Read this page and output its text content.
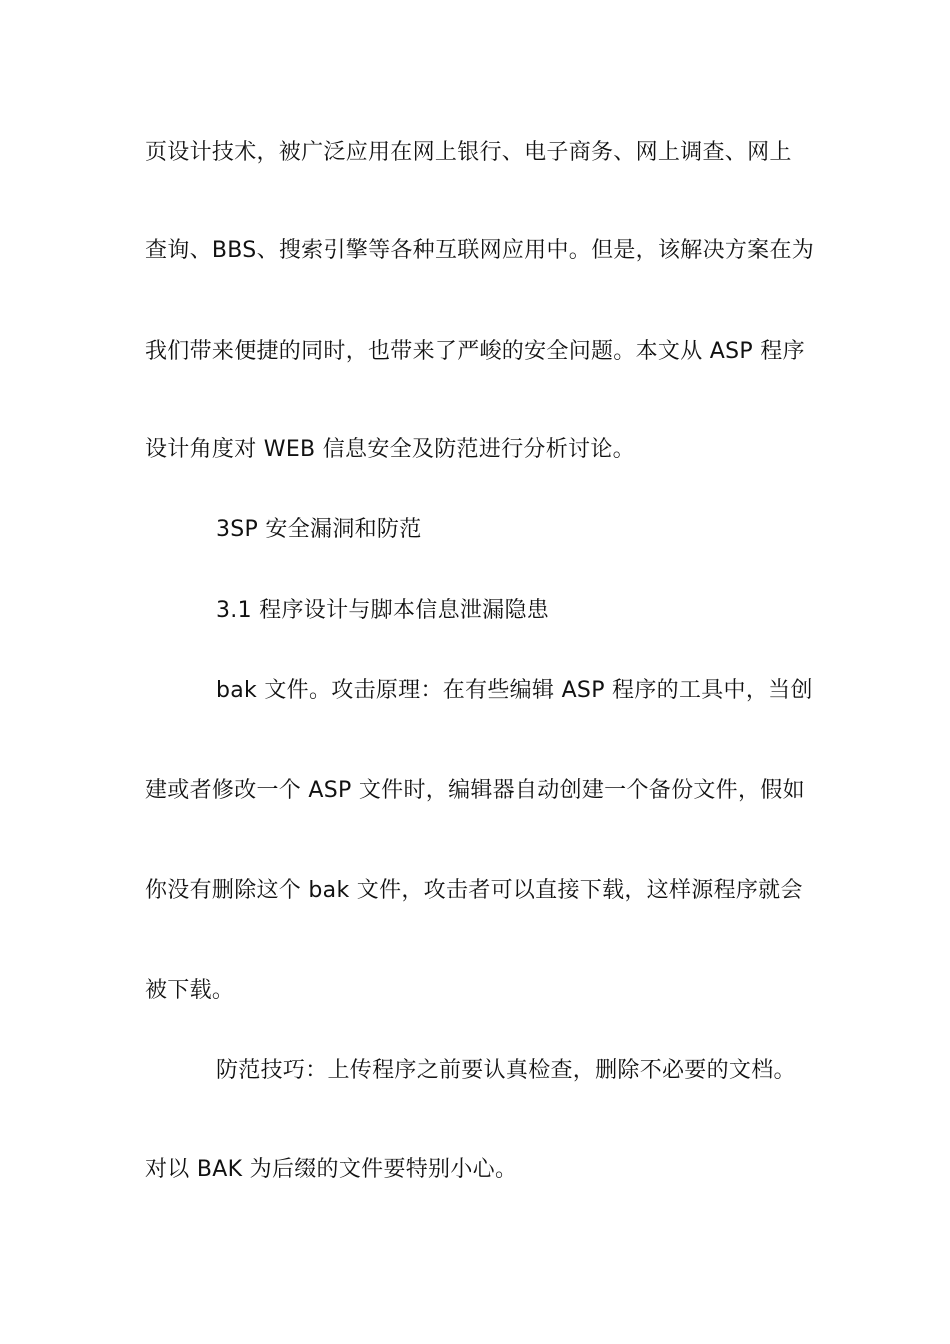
页设计技术，被广泛应用在网上银行、电子商务、网上调查、网上
查询、BBS、搜索引擎等各种互联网应用中。但是，该解决方案在为
我们带来便捷的同时，也带来了严峻的安全问题。本文从 ASP 程序
设计角度对 WEB 信息安全及防范进行分析讨论。
3SP 安全漏洞和防范
3.1 程序设计与脚本信息泄漏隐患
bak 文件。攻击原理：在有些编辑 ASP 程序的工具中，当创
建或者修改一个 ASP 文件时，编辑器自动创建一个备份文件，假如
你没有删除这个 bak 文件，攻击者可以直接下载，这样源程序就会
被下载。
防范技巧：上传程序之前要认真检查，删除不必要的文档。
对以 BAK 为后缀的文件要特别小心。
